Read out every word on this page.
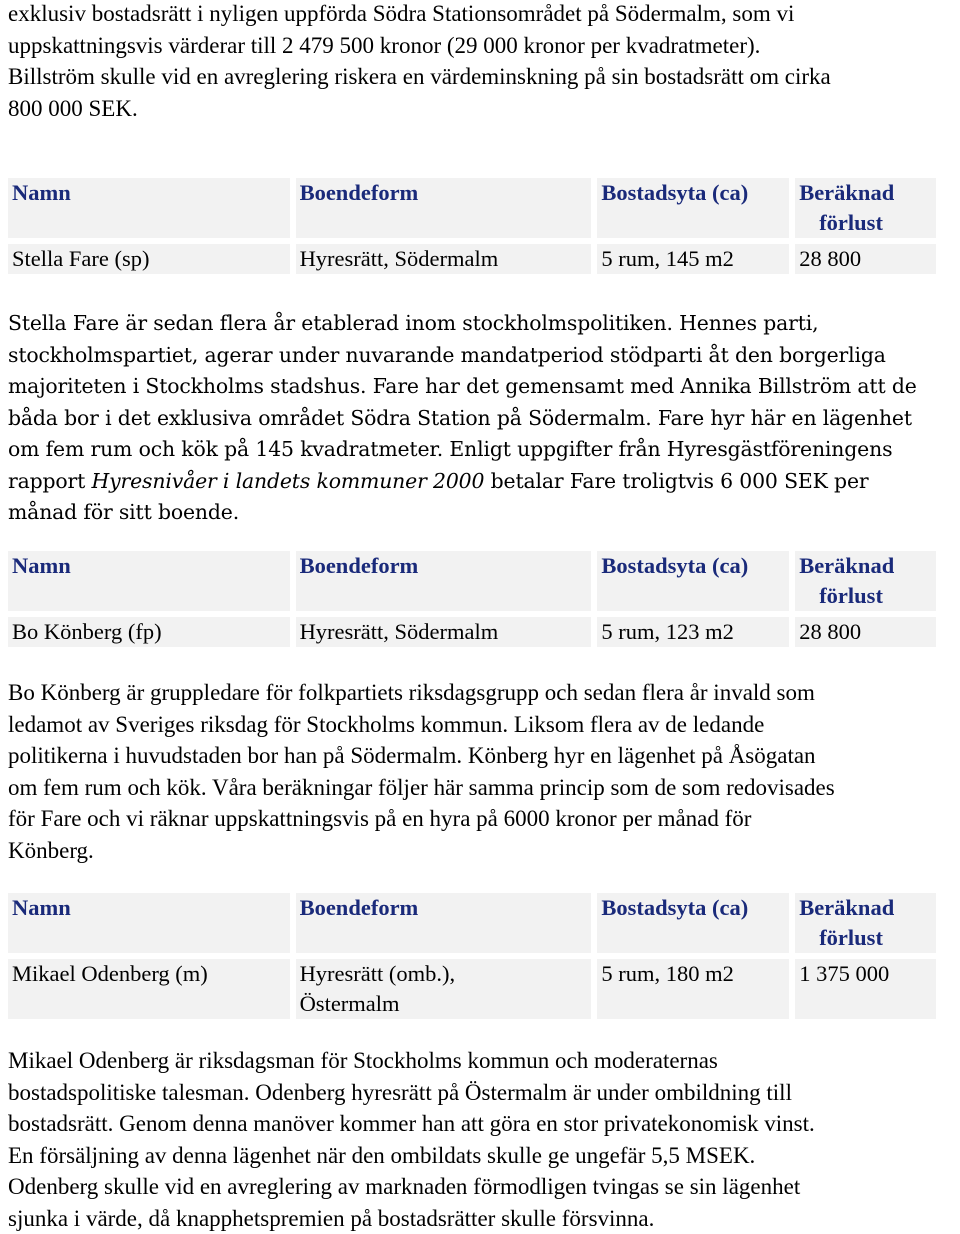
exklusiv bostadsrätt i nyligen uppförda Södra Stationsområdet på Södermalm, som vi
uppskattningsvis värderar till 2 479 500 kronor (29 000 kronor per kvadratmeter).
Billström skulle vid en avreglering riskera en värdeminskning på sin bostadsrätt om cirka
800 000 SEK.

Namn	Boendeform	Bostadsyta (ca)	Beräknad
förlust

Stella Fare (sp)	Hyresrätt, Södermalm	5 rum, 145 m2	28 800

Stella Fare är sedan flera år etablerad inom stockholmspolitiken. Hennes parti,
stockholmspartiet, agerar under nuvarande mandatperiod stödparti åt den borgerliga
majoriteten i Stockholms stadshus. Fare har det gemensamt med Annika Billström att de
båda bor i det exklusiva området Södra Station på Södermalm. Fare hyr här en lägenhet
om fem rum och kök på 145 kvadratmeter. Enligt uppgifter från Hyresgästföreningens
rapport Hyresnivåer i landets kommuner 2000 betalar Fare troligtvis 6 000 SEK per
månad för sitt boende.

Namn	Boendeform	Bostadsyta (ca)	Beräknad
förlust

Bo Könberg (fp)	Hyresrätt, Södermalm	5 rum, 123 m2	28 800

Bo Könberg är gruppledare för folkpartiets riksdagsgrupp och sedan flera år invald som
ledamot av Sveriges riksdag för Stockholms kommun. Liksom flera av de ledande
politikerna i huvudstaden bor han på Södermalm. Könberg hyr en lägenhet på Åsögatan
om fem rum och kök. Våra beräkningar följer här samma princip som de som redovisades
för Fare och vi räknar uppskattningsvis på en hyra på 6000 kronor per månad för
Könberg.

Namn	Boendeform	Bostadsyta (ca)	Beräknad
förlust

Mikael Odenberg (m)	Hyresrätt (omb.),
Östermalm	5 rum, 180 m2	1 375 000

Mikael Odenberg är riksdagsman för Stockholms kommun och moderaternas
bostadspolitiske talesman. Odenberg hyresrätt på Östermalm är under ombildning till
bostadsrätt. Genom denna manöver kommer han att göra en stor privatekonomisk vinst.
En försäljning av denna lägenhet när den ombildats skulle ge ungefär 5,5 MSEK.
Odenberg skulle vid en avreglering av marknaden förmodligen tvingas se sin lägenhet
sjunka i värde, då knapphetspremien på bostadsrätter skulle försvinna.
